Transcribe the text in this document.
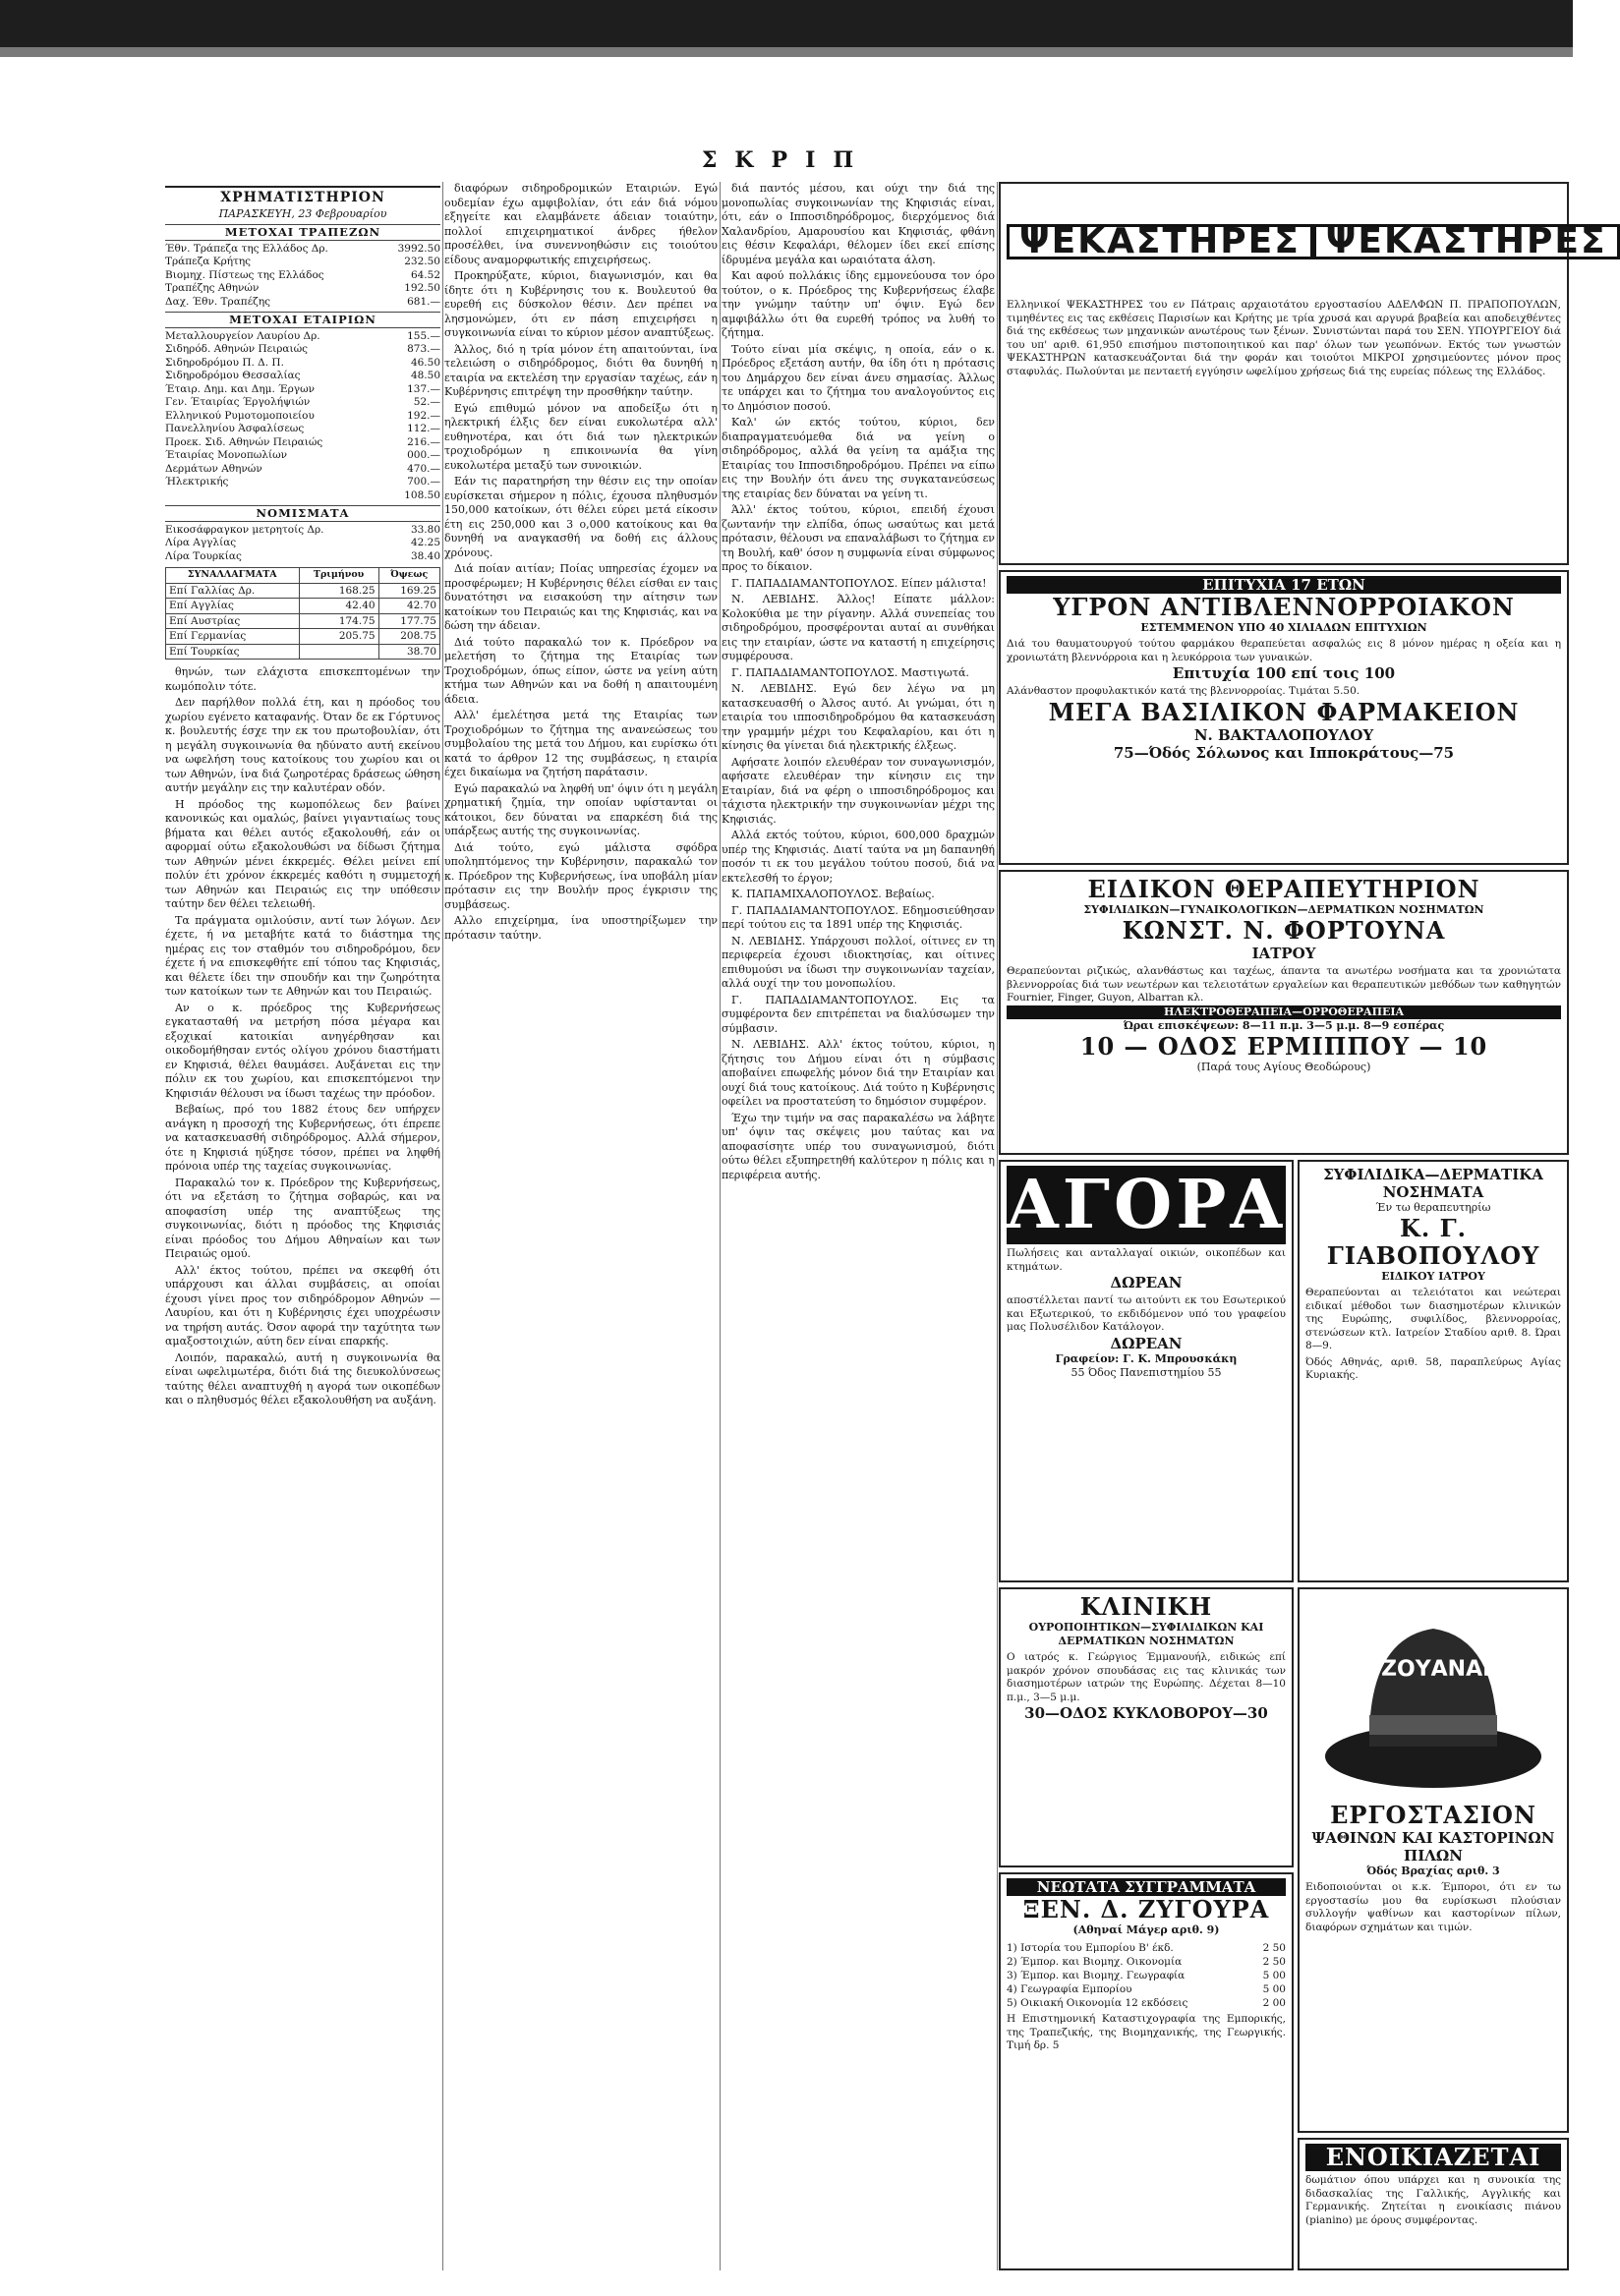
ΣΚΡΙΠ
ΧΡΗΜΑΤΙΣΤΗΡΙΟΝ
ΠΑΡΑΣΚΕΥΗ, 23 Φεβρουαρίου
ΜΕΤΟΧΑΙ ΤΡΑΠΕΖΩΝ
Έθν. Τράπεζα της Ελλάδος Δρ.	3992.50
Τράπεζα Κρήτης	232.50
Βιομηχ. Πίστεως της Ελλάδος	64.52
Τραπέζης Αθηνών	192.50
Δαχ. Έθν. Τραπέζης	681.—
ΜΕΤΟΧΑΙ ΕΤΑΙΡΙΩΝ
Μεταλλουργείον Λαυρίου Δρ.	155.—
Σιδηρόδ. Αθηνών Πειραιώς	873.—
Σιδηροδρόμου Π. Δ. Π.	46.50
Σιδηροδρόμου Θεσσαλίας	48.50
Έταιρ. Δημ. και Δημ. Έργων	137.—
Γεν. Έταιρίας Έργολήψιών	52.—
Ελληνικού Ρυμοτομοποιείου	192.—
Πανελληνίου Άσφαλίσεως	112.—
Προεκ. Σιδ. Αθηνών Πειραιώς	216.—
Έταιρίας Μονοπωλίων	000.—
Δερμάτων Αθηνών	470.—
Ήλεκτρικής	700.—
108.50
ΝΟΜΙΣΜΑΤΑ
Εικοσάφραγκον μετρητοίς Δρ.	33.80
Λίρα Αγγλίας	42.25
Λίρα Τουρκίας	38.40
ΣΥΝΑΛΛΑΓΜΑΤΑ	Τριμήνου	Όψεως
Επί Γαλλίας Δρ.	168.25	169.25
Επί Αγγλίας	42.40	42.70
Επί Αυστρίας	174.75	177.75
Επί Γερμανίας	205.75	208.75
Επί Τουρκίας		38.70

θηνών, των ελάχιστα επισκεπτομένων την κωμόπολιν τότε.

Δεν παρήλθον πολλά έτη, και η πρόοδος του χωρίου εγένετο καταφανής. Όταν δε εκ Γόρτυνος κ. βουλευτής έσχε την εκ του πρωτοβουλίαν, ότι η μεγάλη συγκοινωνία θα ηδύνατο αυτή εκείνου να ωφελήση τους κατοίκους του χωρίου και οι των Αθηνών, ίνα διά ζωηροτέρας δράσεως ώθηση αυτήν μεγάλην εις την καλυτέραν οδόν.

Η πρόοδος της κωμοπόλεως δεν βαίνει κανονικώς και ομαλώς, βαίνει γιγαντιαίως τους βήματα και θέλει αυτός εξακολουθή, εάν οι αφορμαί ούτω εξακολουθώσι να δίδωσι ζήτημα των Αθηνών μένει έκκρεμές. Θέλει μείνει επί πολύν έτι χρόνον έκκρεμές καθότι η συμμετοχή των Αθηνών και Πειραιώς εις την υπόθεσιν ταύτην δεν θέλει τελειωθή.

Τα πράγματα ομιλούσιν, αντί των λόγων. Δεν έχετε, ή να μεταβήτε κατά το διάστημα της ημέρας εις τον σταθμόν του σιδηροδρόμου, δεν έχετε ή να επισκεφθήτε επί τόπου τας Κηφισιάς, και θέλετε ίδει την σπουδήν και την ζωηρότητα των κατοίκων των τε Αθηνών και του Πειραιώς.

Αν ο κ. πρόεδρος της Κυβερνήσεως εγκατασταθή να μετρήση πόσα μέγαρα και εξοχικαί κατοικίαι ανηγέρθησαν και οικοδομήθησαν εντός ολίγου χρόνου διαστήματι εν Κηφισιά, θέλει θαυμάσει. Αυξάνεται εις την πόλιν εκ του χωρίου, και επισκεπτόμενοι την Κηφισιάν θέλουσι να ίδωσι ταχέως την πρόοδον.

Βεβαίως, πρό του 1882 έτους δεν υπήρχεν ανάγκη η προσοχή της Κυβερνήσεως, ότι έπρεπε να κατασκευασθή σιδηρόδρομος. Αλλά σήμερον, ότε η Κηφισιά ηύξησε τόσον, πρέπει να ληφθή πρόνοια υπέρ της ταχείας συγκοινωνίας.

Παρακαλώ τον κ. Πρόεδρον της Κυβερνήσεως, ότι να εξετάση το ζήτημα σοβαρώς, και να αποφασίση υπέρ της αναπτύξεως της συγκοινωνίας, διότι η πρόοδος της Κηφισιάς είναι πρόοδος του Δήμου Αθηναίων και των Πειραιώς ομού.

Αλλ' έκτος τούτου, πρέπει να σκεφθή ότι υπάρχουσι και άλλαι συμβάσεις, αι οποίαι έχουσι γίνει προς τον σιδηρόδρομον Αθηνών — Λαυρίου, και ότι η Κυβέρνησις έχει υποχρέωσιν να τηρήση αυτάς. Όσον αφορά την ταχύτητα των αμαξοστοιχιών, αύτη δεν είναι επαρκής.

Λοιπόν, παρακαλώ, αυτή η συγκοινωνία θα είναι ωφελιμωτέρα, διότι διά της διευκολύνσεως ταύτης θέλει αναπτυχθή η αγορά των οικοπέδων και ο πληθυσμός θέλει εξακολουθήση να αυξάνη.

διαφόρων σιδηροδρομικών Εταιριών. Εγώ ουδεμίαν έχω αμφιβολίαν, ότι εάν διά νόμου εξηγείτε και ελαμβάνετε άδειαν τοιαύτην, πολλοί επιχειρηματικοί άνδρες ήθελον προσέλθει, ίνα συνεννοηθώσιν εις τοιούτου είδους αναμορφωτικής επιχειρήσεως.

Προκηρύξατε, κύριοι, διαγωνισμόν, και θα ίδητε ότι η Κυβέρνησις του κ. Βουλευτού θα ευρεθή εις δύσκολον θέσιν. Δεν πρέπει να λησμονώμεν, ότι εν πάση επιχειρήσει η συγκοινωνία είναι το κύριον μέσον αναπτύξεως.

Άλλος, διό η τρία μόνον έτη απαιτούνται, ίνα τελειώση ο σιδηρόδρομος, διότι θα δυνηθή η εταιρία να εκτελέση την εργασίαν ταχέως, εάν η Κυβέρνησις επιτρέψη την προσθήκην ταύτην.

Εγώ επιθυμώ μόνον να αποδείξω ότι η ηλεκτρική έλξις δεν είναι ευκολωτέρα αλλ' ευθηνοτέρα, και ότι διά των ηλεκτρικών τροχιοδρόμων η επικοινωνία θα γίνη ευκολωτέρα μεταξύ των συνοικιών.

Εάν τις παρατηρήση την θέσιν εις την οποίαν ευρίσκεται σήμερον η πόλις, έχουσα πληθυσμόν 150,000 κατοίκων, ότι θέλει εύρει μετά είκοσιν έτη εις 250,000 και 3 ο,000 κατοίκους και θα δυνηθή να αναγκασθή να δοθή εις άλλους χρόνους.

Διά ποίαν αιτίαν; Ποίας υπηρεσίας έχομεν να προσφέρωμεν; Η Κυβέρνησις θέλει είσθαι εν ταις δυνατότησι να εισακούση την αίτησιν των κατοίκων του Πειραιώς και της Κηφισιάς, και να δώση την άδειαν.

Διά τούτο παρακαλώ τον κ. Πρόεδρον να μελετήση το ζήτημα της Εταιρίας των Τροχιοδρόμων, όπως είπον, ώστε να γείνη αύτη κτήμα των Αθηνών και να δοθή η απαιτουμένη άδεια.

Αλλ' έμελέτησα μετά της Εταιρίας των Τροχιοδρόμων το ζήτημα της ανανεώσεως του συμβολαίου της μετά του Δήμου, και ευρίσκω ότι κατά το άρθρον 12 της συμβάσεως, η εταιρία έχει δικαίωμα να ζητήση παράτασιν.

Εγώ παρακαλώ να ληφθή υπ' όψιν ότι η μεγάλη χρηματική ζημία, την οποίαν υφίστανται οι κάτοικοι, δεν δύναται να επαρκέση διά της υπάρξεως αυτής της συγκοινωνίας.

Διά τούτο, εγώ μάλιστα σφόδρα υποληπτόμενος την Κυβέρνησιν, παρακαλώ τον κ. Πρόεδρον της Κυβερνήσεως, ίνα υποβάλη μίαν πρότασιν εις την Βουλήν προς έγκρισιν της συμβάσεως.

Αλλο επιχείρημα, ίνα υποστηρίξωμεν την πρότασιν ταύτην.

διά παντός μέσου, και ούχι την διά της μονοπωλίας συγκοινωνίαν της Κηφισιάς είναι, ότι, εάν ο Ιπποσιδηρόδρομος, διερχόμενος διά Χαλανδρίου, Αμαρουσίου και Κηφισιάς, φθάνη εις θέσιν Κεφαλάρι, θέλομεν ίδει εκεί επίσης ίδρυμένα μεγάλα και ωραιότατα άλση.

Και αφού πολλάκις ίδης εμμονεύουσα τον όρο τούτον, ο κ. Πρόεδρος της Κυβερνήσεως έλαβε την γνώμην ταύτην υπ' όψιν. Εγώ δεν αμφιβάλλω ότι θα ευρεθή τρόπος να λυθή το ζήτημα.

Τούτο είναι μία σκέψις, η οποία, εάν ο κ. Πρόεδρος εξετάση αυτήν, θα ίδη ότι η πρότασις του Δημάρχου δεν είναι άνευ σημασίας. Άλλως τε υπάρχει και το ζήτημα του αναλογούντος εις το Δημόσιον ποσού.

Καλ' ών εκτός τούτου, κύριοι, δεν διαπραγματευόμεθα διά να γείνη ο σιδηρόδρομος, αλλά θα γείνη τα αμάξια της Εταιρίας του Ιπποσιδηροδρόμου. Πρέπει να είπω εις την Βουλήν ότι άνευ της συγκατανεύσεως της εταιρίας δεν δύναται να γείνη τι.

Άλλ' έκτος τούτου, κύριοι, επειδή έχουσι ζωντανήν την ελπίδα, όπως ωσαύτως και μετά πρότασιν, θέλουσι να επαναλάβωσι το ζήτημα εν τη Βουλή, καθ' όσον η συμφωνία είναι σύμφωνος προς το δίκαιον.

Γ. ΠΑΠΑΔΙΑΜΑΝΤΟΠΟΥΛΟΣ. Είπεν μάλιστα!

Ν. ΛΕΒΙΔΗΣ. Άλλος! Είπατε μάλλον: Κολοκύθια με την ρίγανην. Αλλά συνεπείας του σιδηροδρόμου, προσφέρονται αυταί αι συνθήκαι εις την εταιρίαν, ώστε να καταστή η επιχείρησις συμφέρουσα.

Γ. ΠΑΠΑΔΙΑΜΑΝΤΟΠΟΥΛΟΣ. Μαστιγωτά.

Ν. ΛΕΒΙΔΗΣ. Εγώ δεν λέγω να μη κατασκευασθή ο Άλσος αυτό. Αι γνώμαι, ότι η εταιρία του ιπποσιδηροδρόμου θα κατασκευάση την γραμμήν μέχρι του Κεφαλαρίου, και ότι η κίνησις θα γίνεται διά ηλεκτρικής έλξεως.

Αφήσατε λοιπόν ελευθέραν τον συναγωνισμόν, αφήσατε ελευθέραν την κίνησιν εις την Εταιρίαν, διά να φέρη ο ιπποσιδηρόδρομος και τάχιστα ηλεκτρικήν την συγκοινωνίαν μέχρι της Κηφισιάς.

Αλλά εκτός τούτου, κύριοι, 600,000 δραχμών υπέρ της Κηφισιάς. Διατί ταύτα να μη δαπανηθή ποσόν τι εκ του μεγάλου τούτου ποσού, διά να εκτελεσθή το έργον;

Κ. ΠΑΠΑΜΙΧΑΛΟΠΟΥΛΟΣ. Βεβαίως.

Γ. ΠΑΠΑΔΙΑΜΑΝΤΟΠΟΥΛΟΣ. Εδημοσιεύθησαν περί τούτου εις τα 1891 υπέρ της Κηφισιάς.

Ν. ΛΕΒΙΔΗΣ. Υπάρχουσι πολλοί, οίτινες εν τη περιφερεία έχουσι ιδιοκτησίας, και οίτινες επιθυμούσι να ίδωσι την συγκοινωνίαν ταχείαν, αλλά ουχί την του μονοπωλίου.

Γ. ΠΑΠΑΔΙΑΜΑΝΤΟΠΟΥΛΟΣ. Εις τα συμφέροντα δεν επιτρέπεται να διαλύσωμεν την σύμβασιν.

Ν. ΛΕΒΙΔΗΣ. Αλλ' έκτος τούτου, κύριοι, η ζήτησις του Δήμου είναι ότι η σύμβασις αποβαίνει επωφελής μόνον διά την Εταιρίαν και ουχί διά τους κατοίκους. Διά τούτο η Κυβέρνησις οφείλει να προστατεύση το δημόσιον συμφέρον.

Έχω την τιμήν να σας παρακαλέσω να λάβητε υπ' όψιν τας σκέψεις μου ταύτας και να αποφασίσητε υπέρ του συναγωνισμού, διότι ούτω θέλει εξυπηρετηθή καλύτερον η πόλις και η περιφέρεια αυτής.

ΨΕΚΑΣΤΗΡΕΣ ΨΕΚΑΣΤΗΡΕΣ
Ελληνικοί ΨΕΚΑΣΤΗΡΕΣ του εν Πάτραις αρχαιοτάτου εργοστασίου ΑΔΕΛΦΩΝ Π. ΠΡΑΠΟΠΟΥΛΩΝ, τιμηθέντες εις τας εκθέσεις Παρισίων και Κρήτης με τρία χρυσά και αργυρά βραβεία και αποδειχθέντες διά της εκθέσεως των μηχανικών ανωτέρους των ξένων. Συνιστώνται παρά του ΣΕΝ. ΥΠΟΥΡΓΕΙΟΥ διά του υπ' αριθ. 61,950 επισήμου πιστοποιητικού και παρ' όλων των γεωπόνων. Εκτός των γνωστών ΨΕΚΑΣΤΗΡΩΝ κατασκευάζονται διά την φοράν και τοιούτοι ΜΙΚΡΟΙ χρησιμεύοντες μόνον προς σταφυλάς. Πωλούνται με πενταετή εγγύησιν ωφελίμου χρήσεως διά της ευρείας πόλεως της Ελλάδος.
ΕΠΙΤΥΧΙΑ 17 ΕΤΩΝ
ΥΓΡΟΝ ΑΝΤΙΒΛΕΝΝΟΡΡΟΙΑΚΟΝ
ΕΣΤΕΜΜΕΝΟΝ ΥΠΟ 40 ΧΙΛΙΑΔΩΝ ΕΠΙΤΥΧΙΩΝ
Διά του θαυματουργού τούτου φαρμάκου θεραπεύεται ασφαλώς εις 8 μόνον ημέρας η οξεία και η χρονιωτάτη βλεννόρροια και η λευκόρροια των γυναικών.
Επιτυχία 100 επί τοις 100
Αλάνθαστον προφυλακτικόν κατά της βλεννορροίας. Τιμάται 5.50.
ΜΕΓΑ ΒΑΣΙΛΙΚΟΝ ΦΑΡΜΑΚΕΙΟΝ
Ν. ΒΑΚΤΑΛΟΠΟΥΛΟΥ
75—Όδός Σόλωνος και Ιπποκράτους—75
ΕΙΔΙΚΟΝ ΘΕΡΑΠΕΥΤΗΡΙΟΝ
ΣΥΦΙΛΙΔΙΚΩΝ—ΓΥΝΑΙΚΟΛΟΓΙΚΩΝ—ΔΕΡΜΑΤΙΚΩΝ ΝΟΣΗΜΑΤΩΝ
ΚΩΝΣΤ. Ν. ΦΟΡΤΟΥΝΑ
ΙΑΤΡΟΥ
Θεραπεύονται ριζικώς, αλανθάστως και ταχέως, άπαντα τα ανωτέρω νοσήματα και τα χρονιώτατα βλεννορροίας διά των νεωτέρων και τελειοτάτων εργαλείων και θεραπευτικών μεθόδων των καθηγητών Fournier, Finger, Guyon, Albarran κλ.
ΗΛΕΚΤΡΟΘΕΡΑΠΕΙΑ—ΟΡΡΟΘΕΡΑΠΕΙΑ
Ώραι επισκέψεων: 8—11 π.μ. 3—5 μ.μ. 8—9 εσπέρας
10 — ΟΔΟΣ ΕΡΜΙΠΠΟΥ — 10
(Παρά τους Αγίους Θεοδώρους)
ΑΓΟΡΑ
Πωλήσεις και ανταλλαγαί οικιών, οικοπέδων και κτημάτων.
ΔΩΡΕΑΝ
αποστέλλεται παντί τω αιτούντι εκ του Εσωτερικού και Εξωτερικού, το εκδιδόμενον υπό του γραφείου μας Πολυσέλιδον Κατάλογον.
ΔΩΡΕΑΝ
Γραφείον: Γ. Κ. Μπρουσκάκη
55 Όδος Πανεπιστημίου 55
ΣΥΦΙΛΙΔΙΚΑ—ΔΕΡΜΑΤΙΚΑ ΝΟΣΗΜΑΤΑ
Έν τω θεραπευτηρίω
Κ. Γ. ΓΙΑΒΟΠΟΥΛΟΥ
ΕΙΔΙΚΟΥ ΙΑΤΡΟΥ
Θεραπεύονται αι τελειότατοι και νεώτεραι ειδικαί μέθοδοι των διασημοτέρων κλινικών της Ευρώπης, συφιλίδος, βλεννορροίας, στενώσεων κτλ. Ιατρείον Σταδίου αριθ. 8. Ώραι 8—9.
Όδός Αθηνάς, αριθ. 58, παραπλεύρως Αγίας Κυριακής.
ΚΛΙΝΙΚΗ
ΟΥΡΟΠΟΙΗΤΙΚΩΝ—ΣΥΦΙΛΙΔΙΚΩΝ ΚΑΙ ΔΕΡΜΑΤΙΚΩΝ ΝΟΣΗΜΑΤΩΝ
Ο ιατρός κ. Γεώργιος Έμμανουήλ, ειδικώς επί μακρόν χρόνον σπουδάσας εις τας κλινικάς των διασημοτέρων ιατρών της Ευρώπης. Δέχεται 8—10 π.μ., 3—5 μ.μ.
30—ΟΔΟΣ ΚΥΚΛΟΒΟΡΟΥ—30
Χ. ΤΖΟΥΑΝΑΚΟΣ
ΕΡΓΟΣΤΑΣΙΟΝ
ΨΑΘΙΝΩΝ ΚΑΙ ΚΑΣΤΟΡΙΝΩΝ ΠΙΛΩΝ
Όδός Βραχίας αριθ. 3
Ειδοποιούνται οι κ.κ. Έμποροι, ότι εν τω εργοστασίω μου θα ευρίσκωσι πλούσιαν συλλογήν ψαθίνων και καστορίνων πίλων, διαφόρων σχημάτων και τιμών.
ΝΕΩΤΑΤΑ ΣΥΓΓΡΑΜΜΑΤΑ
ΞΕΝ. Δ. ΖΥΓΟΥΡΑ
(Αθηναί Μάγερ αριθ. 9)
1) Ιστορία του Εμπορίου Β' έκδ.	2 50
2) Έμπορ. και Βιομηχ. Οικονομία	2 50
3) Έμπορ. και Βιομηχ. Γεωγραφία	5 00
4) Γεωγραφία Εμπορίου	5 00
5) Οικιακή Οικονομία 12 εκδόσεις	2 00
Η Επιστημονική Καταστιχογραφία της Εμπορικής, της Τραπεζικής, της Βιομηχανικής, της Γεωργικής. Τιμή δρ. 5
ΕΝΟΙΚΙΑΖΕΤΑΙ
δωμάτιον όπου υπάρχει και η συνοικία της διδασκαλίας της Γαλλικής, Αγγλικής και Γερμανικής. Ζητείται η ενοικίασις πιάνου (pianino) με όρους συμφέροντας.
